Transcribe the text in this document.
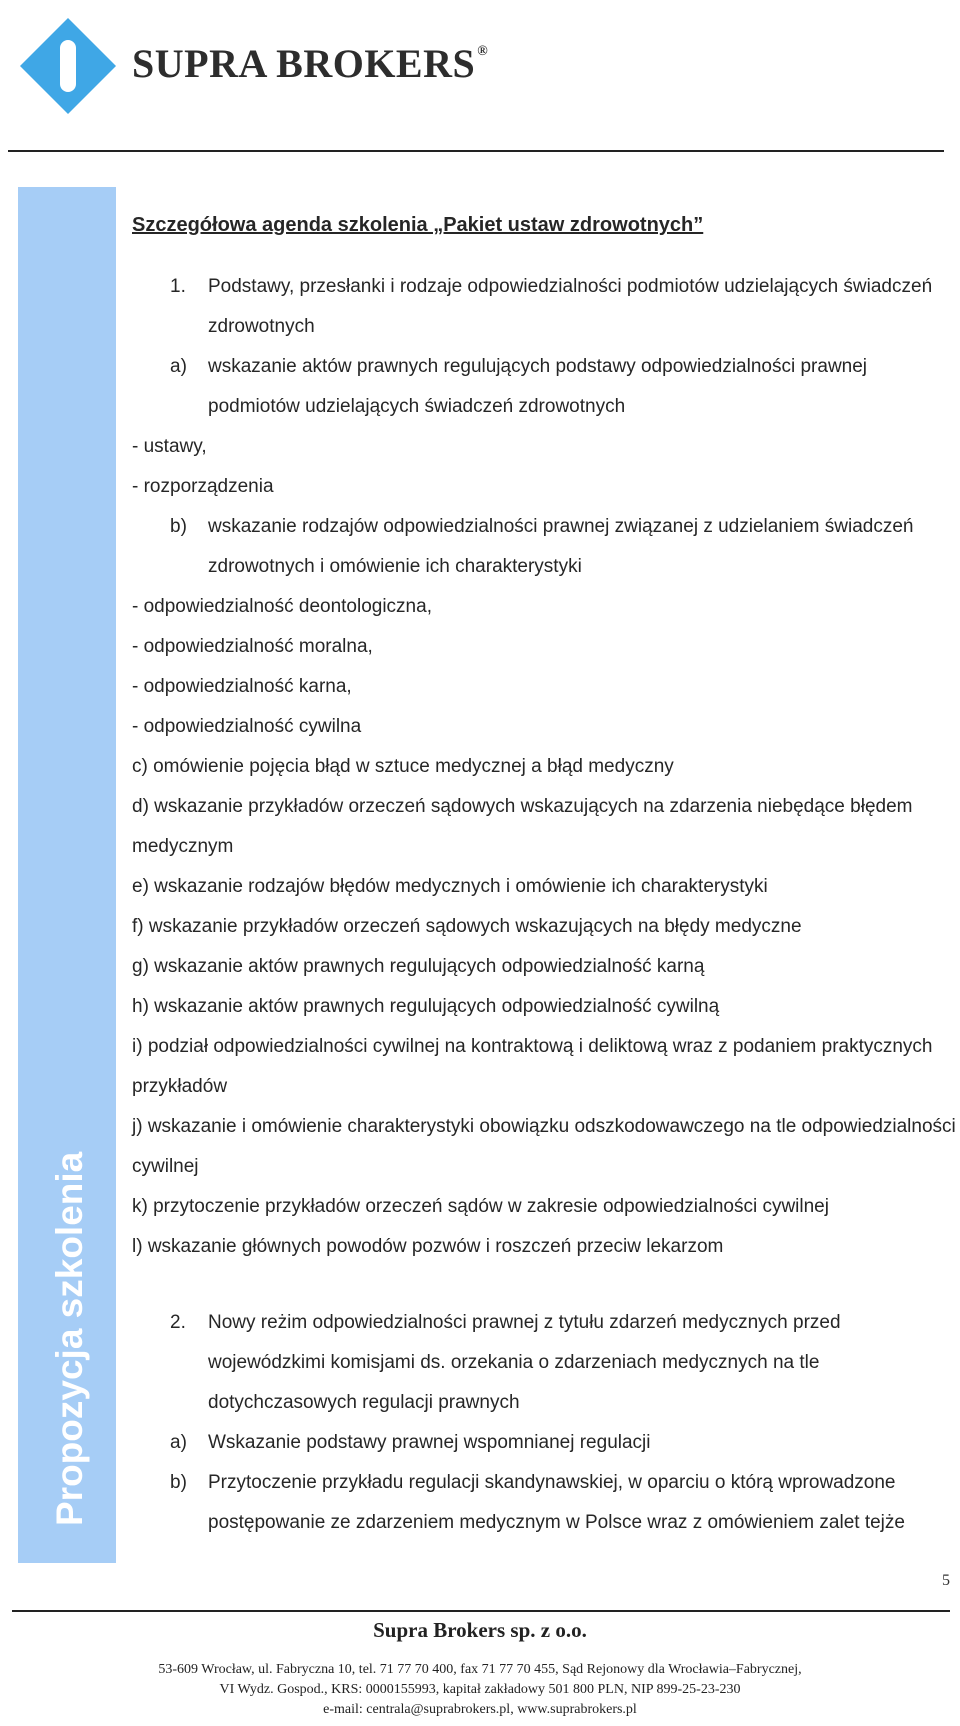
SUPRA BROKERS ®
Propozycja szkolenia
Szczegółowa agenda szkolenia „Pakiet ustaw zdrowotnych”
1.	Podstawy, przesłanki i rodzaje odpowiedzialności podmiotów udzielających świadczeń
zdrowotnych
a)	wskazanie aktów prawnych regulujących podstawy odpowiedzialności prawnej
podmiotów udzielających świadczeń zdrowotnych
- ustawy,
- rozporządzenia
b)	wskazanie rodzajów odpowiedzialności prawnej związanej z udzielaniem świadczeń
zdrowotnych i omówienie ich charakterystyki
- odpowiedzialność deontologiczna,
- odpowiedzialność moralna,
- odpowiedzialność karna,
- odpowiedzialność cywilna
c) omówienie pojęcia błąd w sztuce medycznej a błąd medyczny
d) wskazanie przykładów orzeczeń sądowych wskazujących na zdarzenia niebędące błędem
medycznym
e) wskazanie rodzajów błędów medycznych i omówienie ich charakterystyki
f) wskazanie przykładów orzeczeń sądowych wskazujących na błędy medyczne
g) wskazanie aktów prawnych regulujących odpowiedzialność karną
h) wskazanie aktów prawnych regulujących odpowiedzialność cywilną
i) podział odpowiedzialności cywilnej na kontraktową i deliktową wraz z podaniem praktycznych
przykładów
j) wskazanie i omówienie charakterystyki obowiązku odszkodowawczego na tle odpowiedzialności
cywilnej
k) przytoczenie przykładów orzeczeń sądów w zakresie odpowiedzialności cywilnej
l) wskazanie głównych powodów pozwów i roszczeń przeciw lekarzom
2.	Nowy reżim odpowiedzialności prawnej z tytułu zdarzeń medycznych przed
wojewódzkimi komisjami ds. orzekania o zdarzeniach medycznych na tle
dotychczasowych regulacji prawnych
a)	Wskazanie podstawy prawnej wspomnianej regulacji
b)	Przytoczenie przykładu regulacji skandynawskiej, w oparciu o którą wprowadzone
postępowanie ze zdarzeniem medycznym w Polsce wraz z omówieniem zalet tejże
5
Supra Brokers sp. z o.o.
53-609 Wrocław, ul. Fabryczna 10, tel. 71 77 70 400, fax 71 77 70 455, Sąd Rejonowy dla Wrocławia–Fabrycznej,
VI Wydz. Gospod., KRS: 0000155993, kapitał zakładowy 501 800 PLN, NIP 899-25-23-230
e-mail: centrala@suprabrokers.pl, www.suprabrokers.pl
